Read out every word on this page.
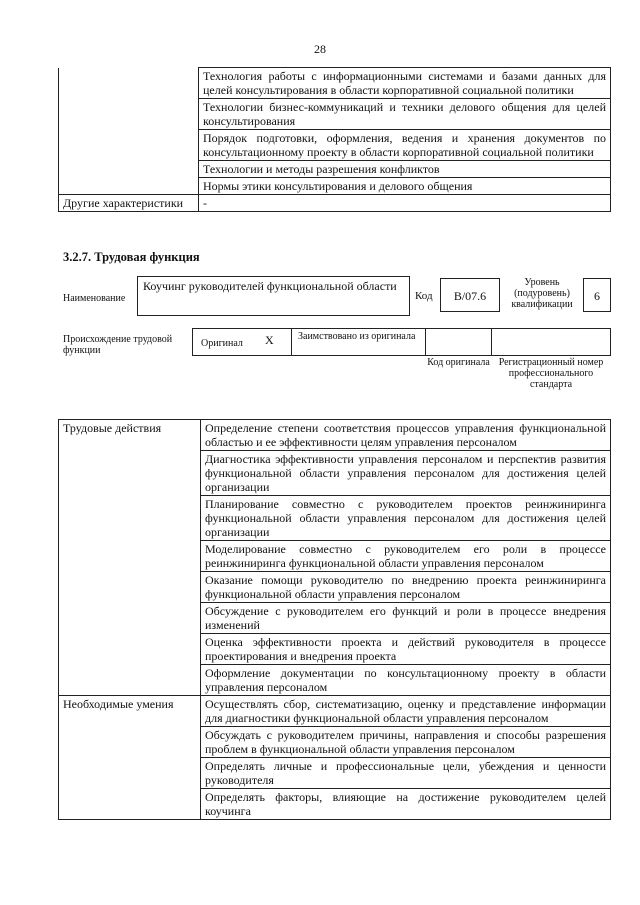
28
	Технология работы с информационными системами и базами данных для целей консультирования в области корпоративной социальной политики
	Технологии бизнес-коммуникаций и техники делового общения для целей консультирования
	Порядок подготовки, оформления, ведения и хранения документов по консультационному проекту в области корпоративной социальной политики
	Технологии и методы разрешения конфликтов
	Нормы этики консультирования и делового общения
Другие характеристики	-
3.2.7. Трудовая функция
Наименование
Коучинг руководителей функциональной области
Код	B/07.6
Уровень (подуровень) квалификации
6
Происхождение трудовой функции
Оригинал X Заимствовано из оригинала
Код оригинала Регистрационный номер профессионального стандарта
Трудовые действия	Определение степени соответствия процессов управления функциональной областью и ее эффективности целям управления персоналом
	Диагностика эффективности управления персоналом и перспектив развития функциональной области управления персоналом для достижения целей организации
	Планирование совместно с руководителем проектов реинжиниринга функциональной области управления персоналом для достижения целей организации
	Моделирование совместно с руководителем его роли в процессе реинжиниринга функциональной области управления персоналом
	Оказание помощи руководителю по внедрению проекта реинжиниринга функциональной области управления персоналом
	Обсуждение с руководителем его функций и роли в процессе внедрения изменений
	Оценка эффективности проекта и действий руководителя в процессе проектирования и внедрения проекта
	Оформление документации по консультационному проекту в области управления персоналом
Необходимые умения	Осуществлять сбор, систематизацию, оценку и представление информации для диагностики функциональной области управления персоналом
	Обсуждать с руководителем причины, направления и способы разрешения проблем в функциональной области управления персоналом
	Определять личные и профессиональные цели, убеждения и ценности руководителя
	Определять факторы, влияющие на достижение руководителем целей коучинга
